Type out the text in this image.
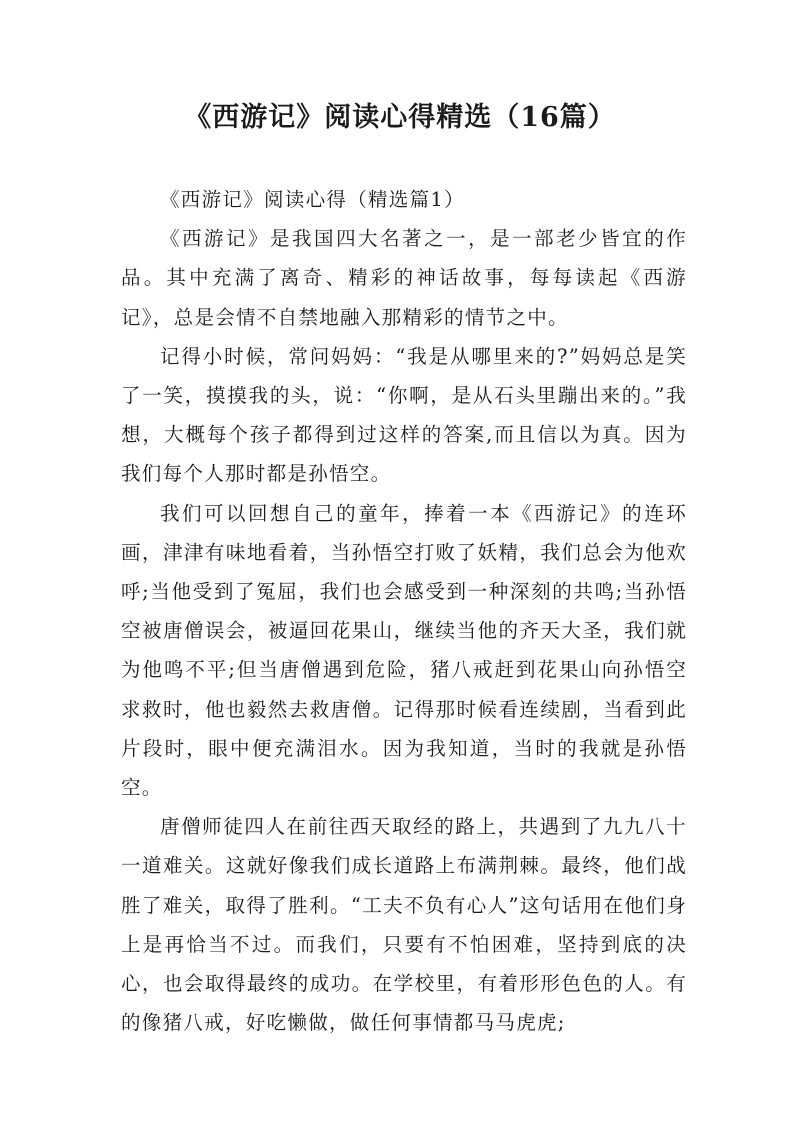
《西游记》阅读心得精选（16篇）

《西游记》阅读心得（精选篇1）

《西游记》是我国四大名著之一，是一部老少皆宜的作品。其中充满了离奇、精彩的神话故事，每每读起《西游记》，总是会情不自禁地融入那精彩的情节之中。

记得小时候，常问妈妈：“我是从哪里来的?”妈妈总是笑了一笑，摸摸我的头，说：“你啊，是从石头里蹦出来的。”我想，大概每个孩子都得到过这样的答案,而且信以为真。因为我们每个人那时都是孙悟空。

我们可以回想自己的童年，捧着一本《西游记》的连环画，津津有味地看着，当孙悟空打败了妖精，我们总会为他欢呼;当他受到了冤屈，我们也会感受到一种深刻的共鸣;当孙悟空被唐僧误会，被逼回花果山，继续当他的齐天大圣，我们就为他鸣不平;但当唐僧遇到危险，猪八戒赶到花果山向孙悟空求救时，他也毅然去救唐僧。记得那时候看连续剧，当看到此片段时，眼中便充满泪水。因为我知道，当时的我就是孙悟空。

唐僧师徒四人在前往西天取经的路上，共遇到了九九八十一道难关。这就好像我们成长道路上布满荆棘。最终，他们战胜了难关，取得了胜利。“工夫不负有心人”这句话用在他们身上是再恰当不过。而我们，只要有不怕困难，坚持到底的决心，也会取得最终的成功。在学校里，有着形形色色的人。有的像猪八戒，好吃懒做，做任何事情都马马虎虎;
